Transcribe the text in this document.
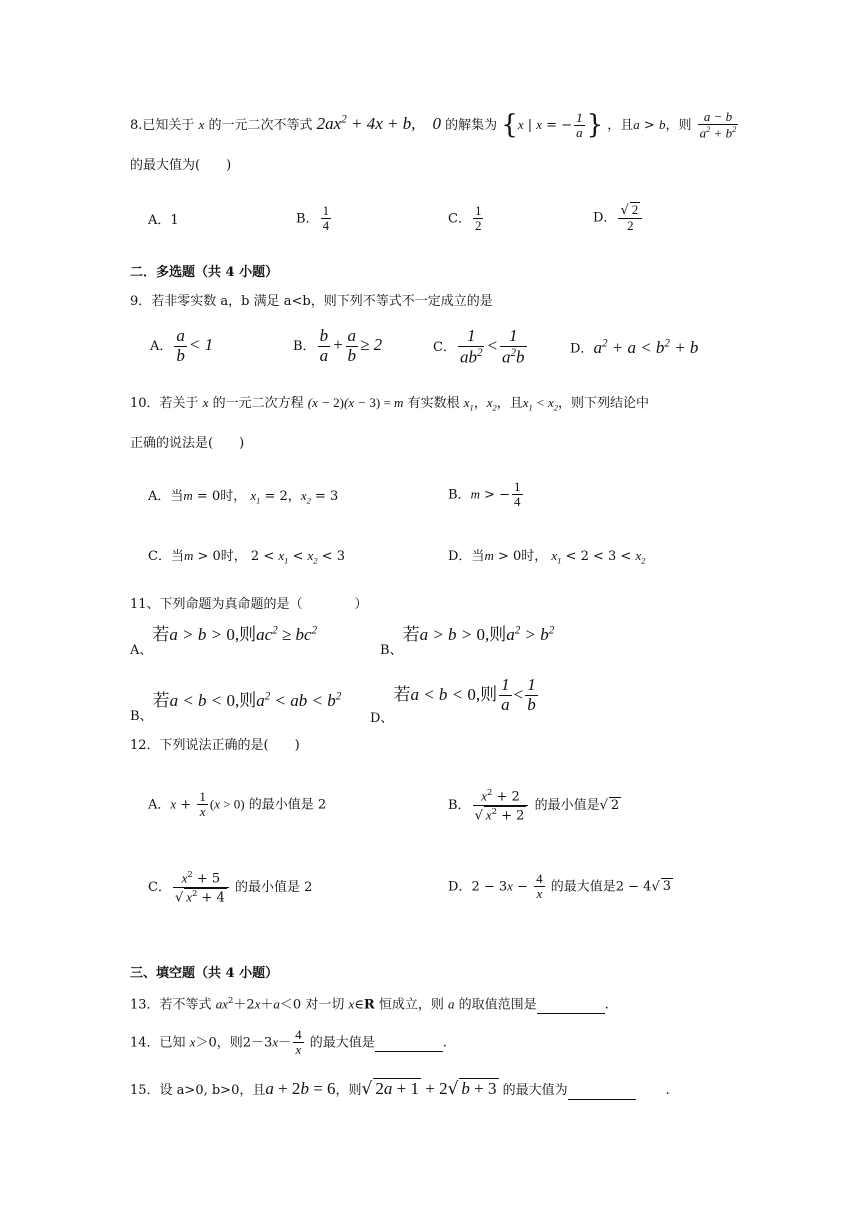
8.已知关于 x 的一元二次不等式 $2ax^2 + 4x + b$,　0 的解集为 {x | x = − $\frac{1}{a}$ } ，且a > b，则 $\frac{a - b}{a^2 + b^2}$
的最大值为(　　)
A．1	B． $\frac{1}{4}$	C． $\frac{1}{2}$	D． $\frac{√ 2}{2}$
二．多选题（共 4 小题）
9．若非零实数 a，b 满足 a<b，则下列不等式不一定成立的是
A． $\frac{a}{b} < 1$	B． $\frac{b}{a} + \frac{a}{b} \ge 2$	C． $\frac{1}{ab^2} < \frac{1}{a^2b}$	D．$a^2 + a < b^2 + b$
10．若关于 x 的一元二次方程 (x − 2)(x − 3) = m 有实数根 $x_1$，$x_2$，且$x_1 < x_2$，则下列结论中
正确的说法是(　　)
A．当m = 0时， $x_1 = 2$，$x_2 = 3$	B．m > − $\frac{1}{4}$
C．当m > 0时， $2 < x_1 < x_2 < 3$	D．当m > 0时， $x_1 < 2 < 3 < x_2$
11、下列命题为真命题的是（　　　　）
A、若a > b > 0,则$ac^2 \ge bc^2$
B、若a > b > 0,则$a^2 > b^2$
B、若a < b < 0,则$a^2$ < ab < $b^2$
D、若a < b < 0,则 $\frac{1}{a} < \frac{1}{b}$
12．下列说法正确的是(　　)
A．$x + \frac{1}{x} (x > 0)$ 的最小值是 2	B． $\frac{x^2 + 2}{√ x^2 + 2}$ 的最小值是√ 2
C． $\frac{x^2 + 5}{√ x^2 + 4}$ 的最小值是 2	D．$2 - 3x - \frac{4}{x}$ 的最大值是2 − 4√ 3
三、填空题（共 4 小题）
13．若不等式 $ax^2+2x+a<0$ 对一切 x∈R 恒成立，则 a 的取值范围是	.
14．已知 x＞0，则$2-3x- \frac{4}{x}$ 的最大值是	.
15．设 a>0, b>0，且a + 2b = 6，则√ 2a + 1 + 2√ b + 3 的最大值为	.
